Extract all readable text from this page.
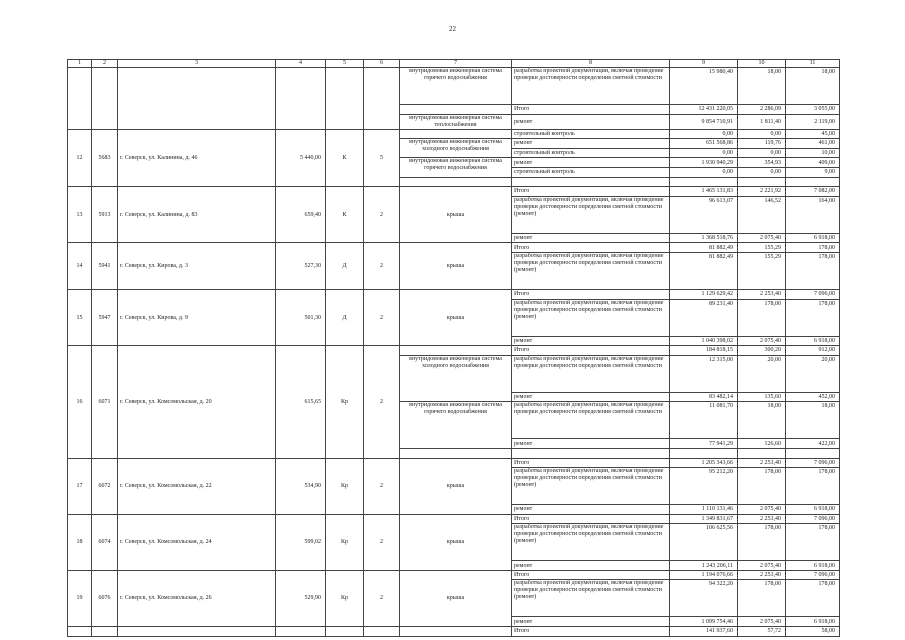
22
1	2	3	4	5	6	7	8	9	10	11
						внутридомовая инженерная система горячего водоснабжения	разработка проектной документации, включая проведение проверки достоверности определения сметной стоимости	15 980,40	18,00	18,00
							Итого	12 431 220,05	2 286,09	3 055,00
						внутридомовая инженерная система теплоснабжения	ремонт	9 854 710,91	1 811,40	2 119,00
12	5683	г. Северск, ул. Калинина, д. 46	5 440,00	К	5		строительный контроль	0,00	0,00	45,00
						внутридомовая инженерная система холодного водоснабжения	ремонт	651 568,86	119,76	461,00
							строительный контроль	0,00	0,00	10,00
						внутридомовая инженерная система горячего водоснабжения	ремонт	1 930 940,29	354,93	409,00
							строительный контроль	0,00	0,00	9,00

13	5913	г. Северск, ул. Калинина, д. 83	659,40	К	2	крыша	Итого	1 465 131,83	2 221,92	7 082,00
							разработка проектной документации, включая проведение проверки достоверности определения сметной стоимости (ремонт)	96 613,07	146,52	164,00
							ремонт	1 368 518,76	2 075,40	6 918,00
14	5941	г. Северск, ул. Кирова, д. 3	527,30	Д	2	крыша	Итого	81 882,49	155,29	178,00
							разработка проектной документации, включая проведение проверки достоверности определения сметной стоимости (ремонт)	81 882,49	155,29	178,00
15	5947	г. Северск, ул. Кирова, д. 9	501,30	Д	2	крыша	Итого	1 129 629,42	2 253,40	7 096,00
							разработка проектной документации, включая проведение проверки достоверности определения сметной стоимости (ремонт)	89 231,40	178,00	178,00
							ремонт	1 040 398,02	2 075,40	6 918,00
16	6071	г. Северск, ул. Комсомольская, д. 20	615,65	Кр	2		Итого	184 818,15	300,20	912,00
						внутридомовая инженерная система холодного водоснабжения	разработка проектной документации, включая проведение проверки достоверности определения сметной стоимости	12 315,00	20,00	20,00
							ремонт	83 482,14	135,60	452,00
						внутридомовая инженерная система горячего водоснабжения	разработка проектной документации, включая проведение проверки достоверности определения сметной стоимости	11 081,70	18,00	18,00
							ремонт	77 941,29	126,60	422,00

17	6072	г. Северск, ул. Комсомольская, д. 22	534,90	Кр	2	крыша	Итого	1 205 343,66	2 253,40	7 096,00
							разработка проектной документации, включая проведение проверки достоверности определения сметной стоимости (ремонт)	95 212,20	178,00	178,00
							ремонт	1 110 131,46	2 075,40	6 918,00
18	6074	г. Северск, ул. Комсомольская, д. 24	599,02	Кр	2	крыша	Итого	1 349 831,67	2 253,40	7 096,00
							разработка проектной документации, включая проведение проверки достоверности определения сметной стоимости (ремонт)	106 625,56	178,00	178,00
							ремонт	1 243 206,11	2 075,40	6 918,00
19	6076	г. Северск, ул. Комсомольская, д. 26	529,90	Кр	2	крыша	Итого	1 194 076,66	2 253,40	7 096,00
							разработка проектной документации, включая проведение проверки достоверности определения сметной стоимости (ремонт)	94 322,20	178,00	178,00
							ремонт	1 099 754,46	2 075,40	6 918,00
							Итого	141 937,60	57,72	58,00
